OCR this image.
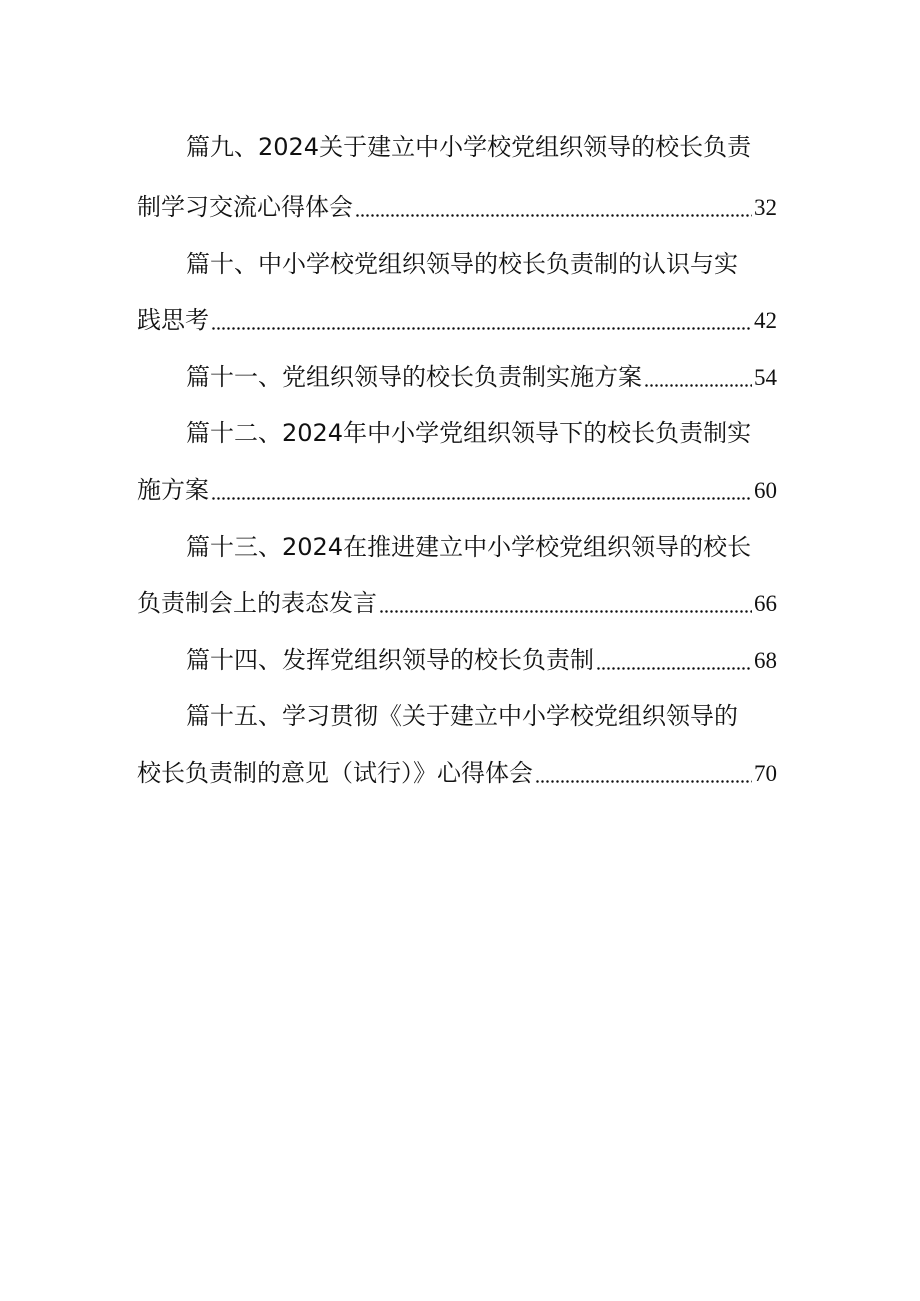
篇九、2024关于建立中小学校党组织领导的校长负责
制学习交流心得体会	32
篇十、中小学校党组织领导的校长负责制的认识与实
践思考	42
篇十一、党组织领导的校长负责制实施方案	54
篇十二、2024年中小学党组织领导下的校长负责制实
施方案	60
篇十三、2024在推进建立中小学校党组织领导的校长
负责制会上的表态发言	66
篇十四、发挥党组织领导的校长负责制	68
篇十五、学习贯彻《关于建立中小学校党组织领导的
校长负责制的意见（试行）》心得体会	70
